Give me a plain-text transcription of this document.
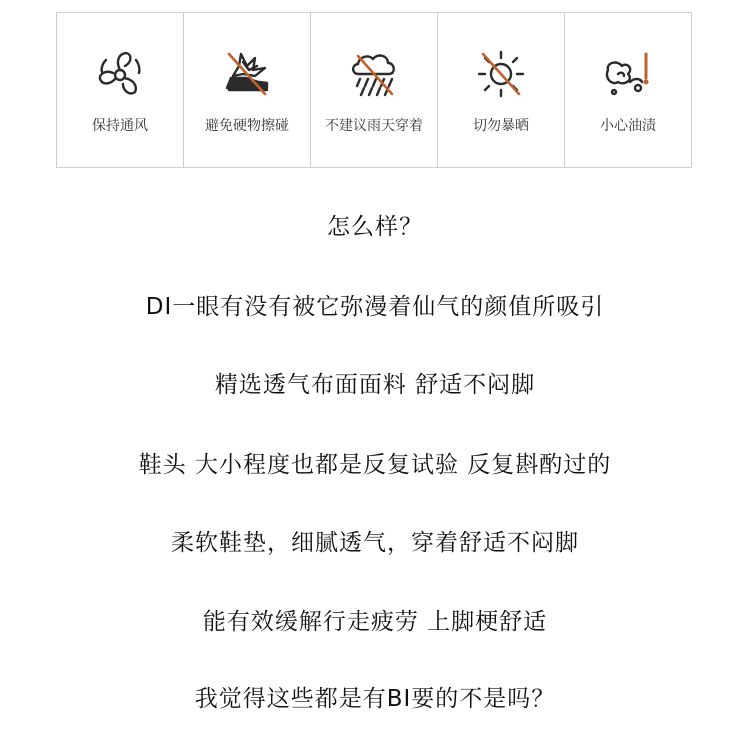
保持通风	避免硬物擦碰	不建议雨天穿着	切勿暴晒	小心油渍
怎么样？
DI一眼有没有被它弥漫着仙气的颜值所吸引
精选透气布面面料 舒适不闷脚
鞋头 大小程度也都是反复试验 反复斟酌过的
柔软鞋垫，细腻透气，穿着舒适不闷脚
能有效缓解行走疲劳 上脚梗舒适
我觉得这些都是有BI要的不是吗？
